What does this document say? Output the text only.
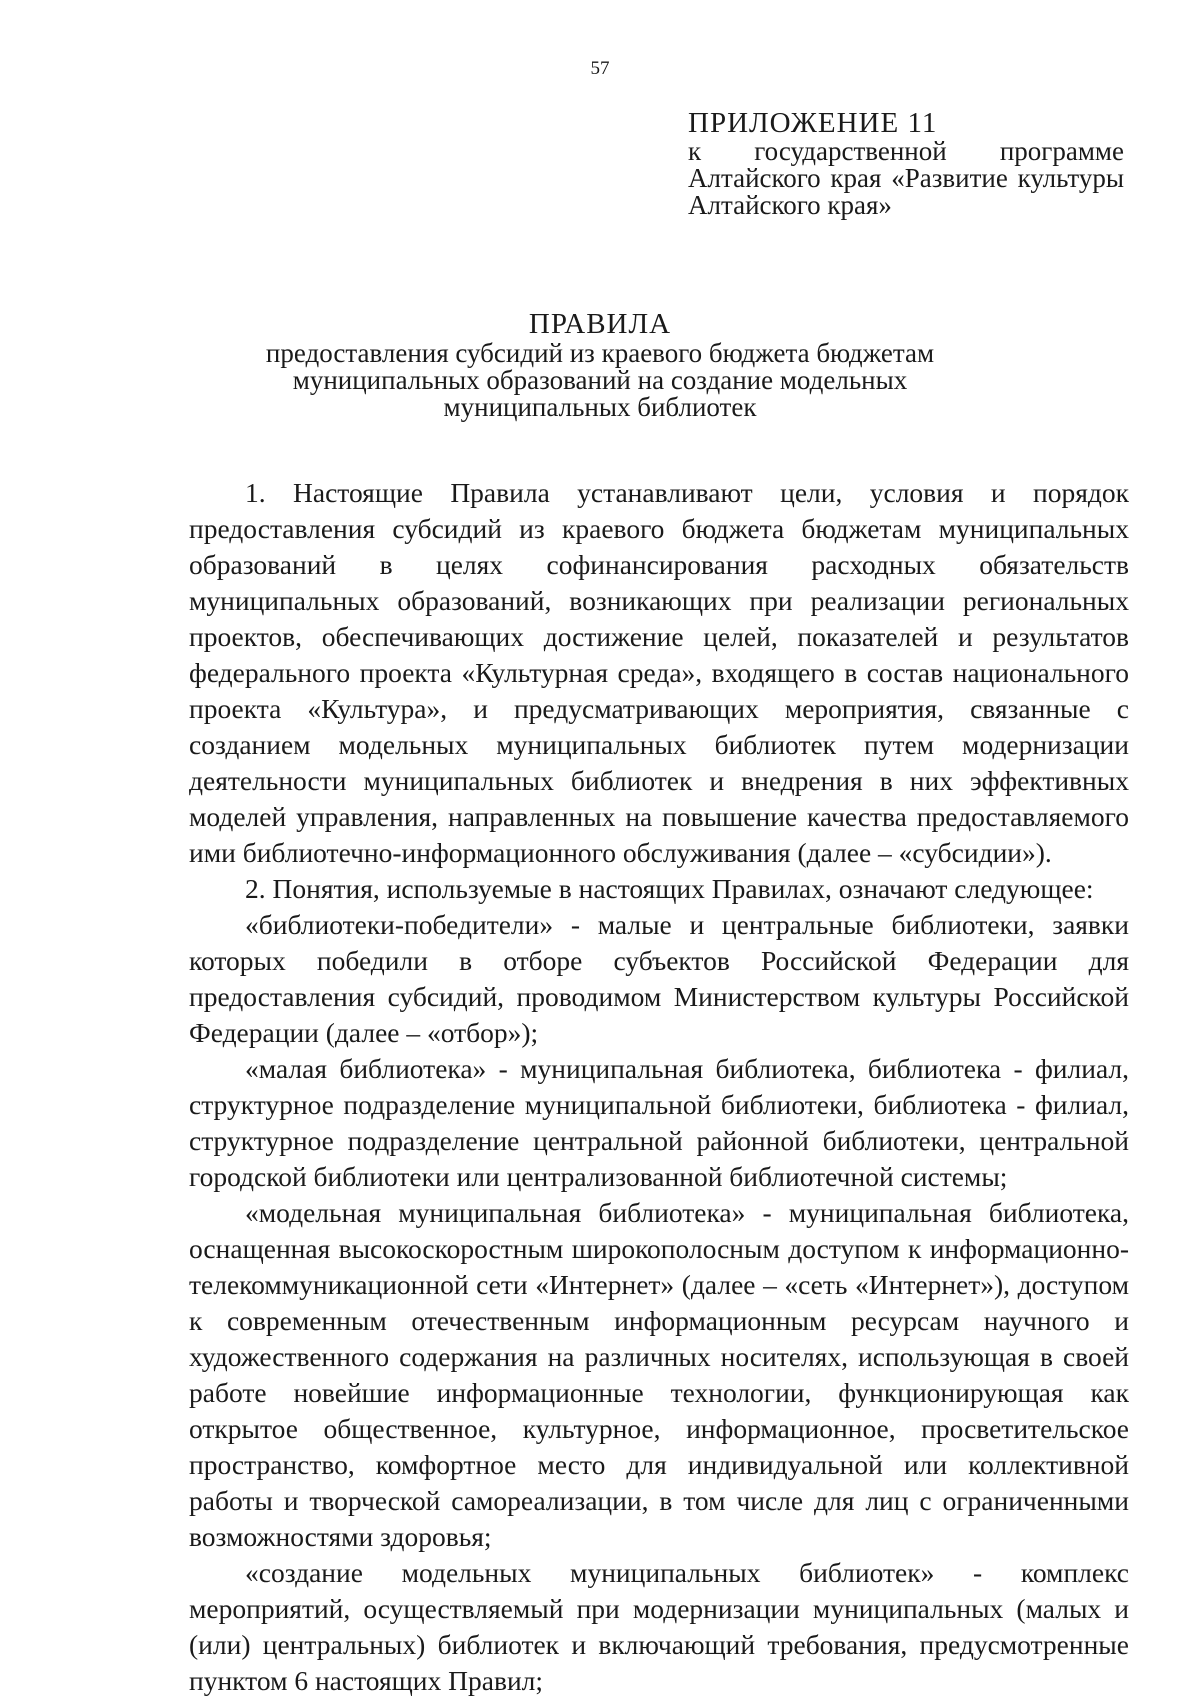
57
ПРИЛОЖЕНИЕ 11
к государственной программе Алтайского края «Развитие культуры Алтайского края»
ПРАВИЛА
предоставления субсидий из краевого бюджета бюджетам муниципальных образований на создание модельных муниципальных библиотек

1. Настоящие Правила устанавливают цели, условия и порядок предоставления субсидий из краевого бюджета бюджетам муниципальных образований в целях софинансирования расходных обязательств муниципальных образований, возникающих при реализации региональных проектов, обеспечивающих достижение целей, показателей и результатов федерального проекта «Культурная среда», входящего в состав национального проекта «Культура», и предусматривающих мероприятия, связанные с созданием модельных муниципальных библиотек путем модернизации деятельности муниципальных библиотек и внедрения в них эффективных моделей управления, направленных на повышение качества предоставляемого ими библиотечно-информационного обслуживания (далее – «субсидии»).

2. Понятия, используемые в настоящих Правилах, означают следующее:

«библиотеки-победители» - малые и центральные библиотеки, заявки которых победили в отборе субъектов Российской Федерации для предоставления субсидий, проводимом Министерством культуры Российской Федерации (далее – «отбор»);

«малая библиотека» - муниципальная библиотека, библиотека - филиал, структурное подразделение муниципальной библиотеки, библиотека - филиал, структурное подразделение центральной районной библиотеки, центральной городской библиотеки или централизованной библиотечной системы;

«модельная муниципальная библиотека» - муниципальная библиотека, оснащенная высокоскоростным широкополосным доступом к информационно-телекоммуникационной сети «Интернет» (далее – «сеть «Интернет»), доступом к современным отечественным информационным ресурсам научного и художественного содержания на различных носителях, использующая в своей работе новейшие информационные технологии, функционирующая как открытое общественное, культурное, информационное, просветительское пространство, комфортное место для индивидуальной или коллективной работы и творческой самореализации, в том числе для лиц с ограниченными возможностями здоровья;

«создание модельных муниципальных библиотек» - комплекс мероприятий, осуществляемый при модернизации муниципальных (малых и (или) центральных) библиотек и включающий требования, предусмотренные пунктом 6 настоящих Правил;
